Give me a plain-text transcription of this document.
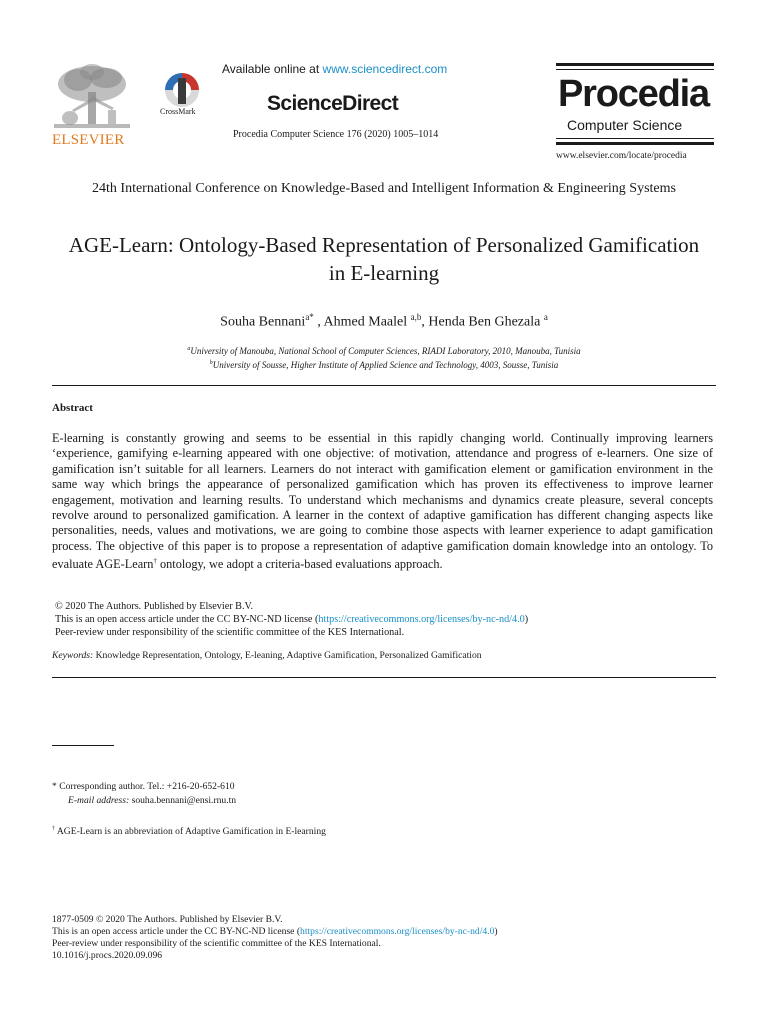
ELSEVIER
CrossMark
Available online at www.sciencedirect.com
ScienceDirect
Procedia Computer Science 176 (2020) 1005–1014
Procedia
Computer Science
www.elsevier.com/locate/procedia
24th International Conference on Knowledge-Based and Intelligent Information & Engineering Systems
AGE-Learn: Ontology-Based Representation of Personalized Gamification in E-learning
Souha Bennani$^{a*}$ , Ahmed Maalel $^{a,b}$, Henda Ben Ghezala $^a$
$^a$University of Manouba, National School of Computer Sciences, RIADI Laboratory, 2010, Manouba, Tunisia
$^b$University of Sousse, Higher Institute of Applied Science and Technology, 4003, Sousse, Tunisia
Abstract
E-learning is constantly growing and seems to be essential in this rapidly changing world. Continually improving learners ‘experience, gamifying e-learning appeared with one objective: of motivation, attendance and progress of e-learners. One size of gamification isn’t suitable for all learners. Learners do not interact with gamification element or gamification environment in the same way which brings the appearance of personalized gamification which has proven its effectiveness to improve learner engagement, motivation and learning results. To understand which mechanisms and dynamics create pleasure, several concepts revolve around to personalized gamification. A learner in the context of adaptive gamification has different changing aspects like personalities, needs, values and motivations, we are going to combine those aspects with learner experience to adapt gamification process. The objective of this paper is to propose a representation of adaptive gamification domain knowledge into an ontology. To evaluate AGE-Learn† ontology, we adopt a criteria-based evaluations approach.
© 2020 The Authors. Published by Elsevier B.V.
This is an open access article under the CC BY-NC-ND license (https://creativecommons.org/licenses/by-nc-nd/4.0)
Peer-review under responsibility of the scientific committee of the KES International.
Keywords: Knowledge Representation, Ontology, E-leaning, Adaptive Gamification, Personalized Gamification
* Corresponding author. Tel.: +216-20-652-610
E-mail address: souha.bennani@ensi.rnu.tn
† AGE-Learn is an abbreviation of Adaptive Gamification in E-learning
1877-0509 © 2020 The Authors. Published by Elsevier B.V.
This is an open access article under the CC BY-NC-ND license (https://creativecommons.org/licenses/by-nc-nd/4.0)
Peer-review under responsibility of the scientific committee of the KES International.
10.1016/j.procs.2020.09.096
